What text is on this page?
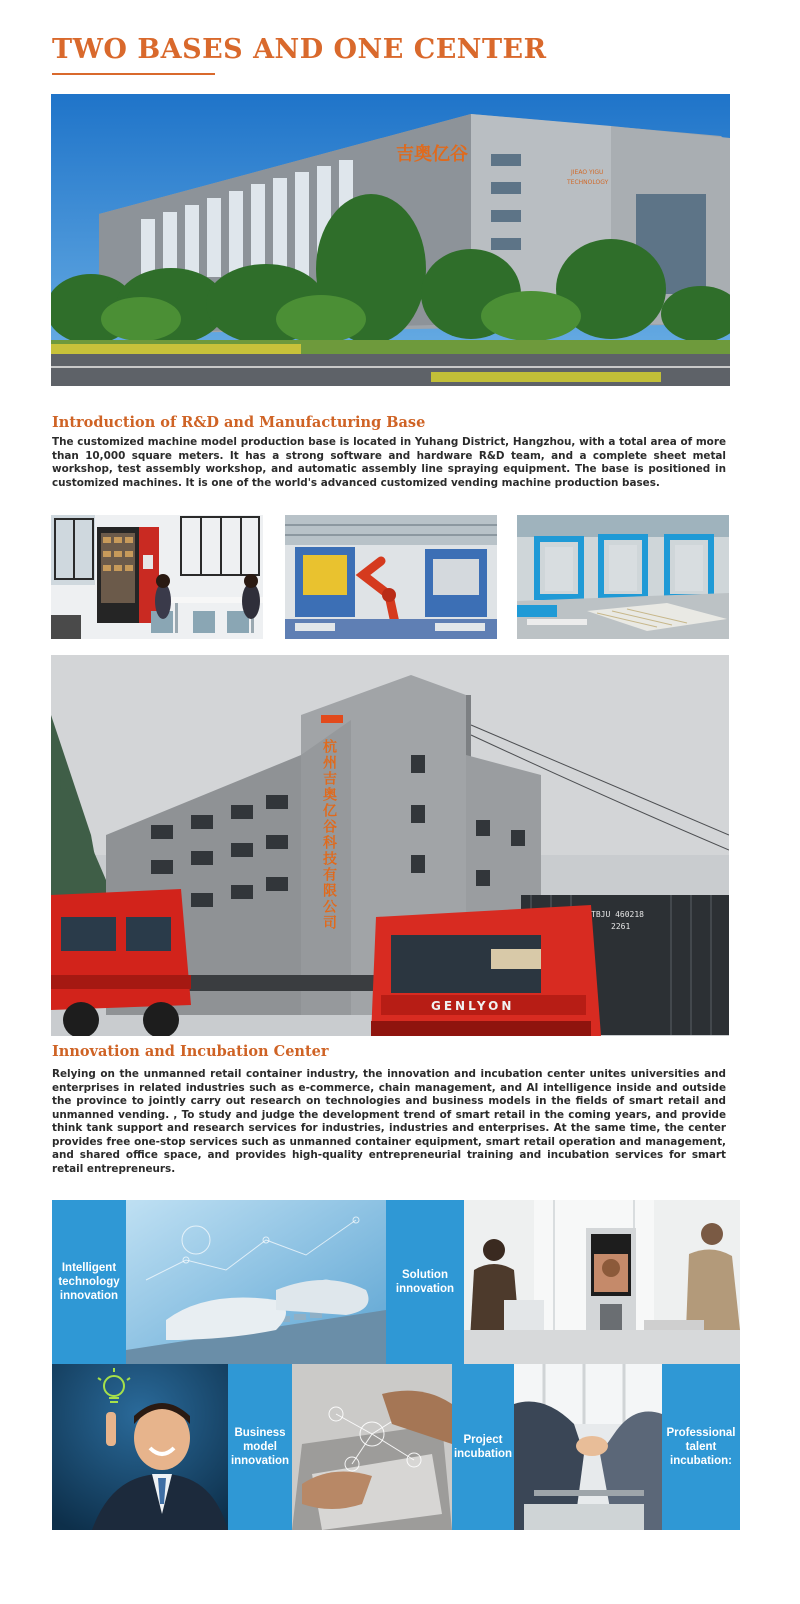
TWO BASES AND ONE CENTER
吉奥亿谷
JIEAO YIGU
TECHNOLOGY
Introduction of R&D and Manufacturing Base

The customized machine model production base is located in Yuhang District, Hangzhou, with a total area of more than 10,000 square meters. It has a strong software and hardware R&D team, and a complete sheet metal workshop, test assembly workshop, and automatic assembly line spraying equipment. The base is positioned in customized machines. It is one of the world's advanced customized vending machine production bases.

杭州吉奥亿谷科技有限公司	TBJU 460218
2261
GENLYON
Innovation and Incubation Center

Relying on the unmanned retail container industry, the innovation and incubation center unites universities and enterprises in related industries such as e-commerce, chain management, and AI intelligence inside and outside the province to jointly carry out research on technologies and business models in the fields of smart retail and unmanned vending. , To study and judge the development trend of smart retail in the coming years, and provide think tank support and research services for industries, industries and enterprises. At the same time, the center provides free one-stop services such as unmanned container equipment, smart retail operation and management, and shared office space, and provides high-quality entrepreneurial training and incubation services for smart retail entrepreneurs.

Intelligent
technology
innovation
Solution
innovation
Business
model
innovation
Project
incubation
Professional
talent
incubation:
